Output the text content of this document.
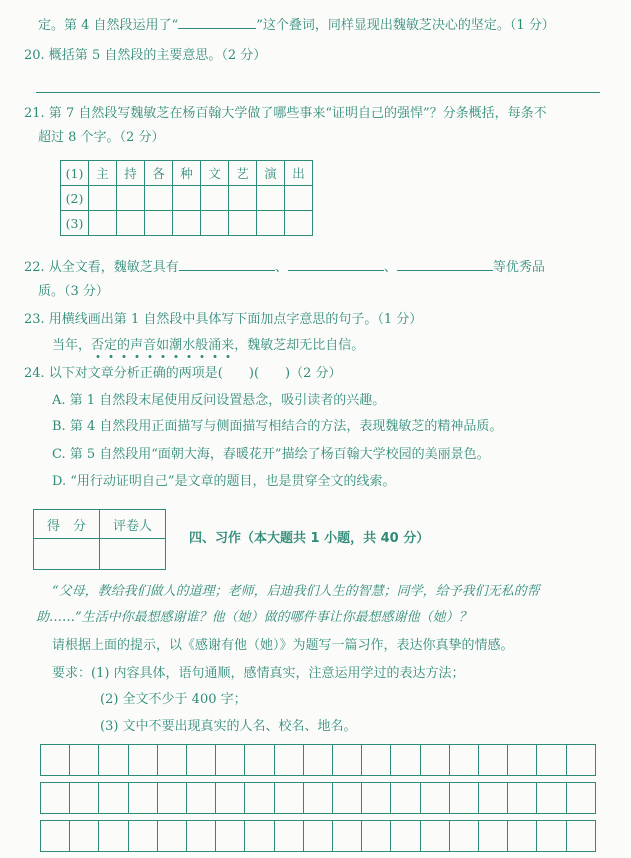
定。第 4 自然段运用了“	”这个叠词，同样显现出魏敏芝决心的坚定。（1 分）
20. 概括第 5 自然段的主要意思。（2 分）
21. 第 7 自然段写魏敏芝在杨百翰大学做了哪些事来“证明自己的强悍”？分条概括，每条不
超过 8 个字。（2 分）
(1)	主	持	各	种	文	艺	演	出
(2)								
(3)								
22. 从全文看，魏敏芝具有	、	、	等优秀品
质。（3 分）
23. 用横线画出第 1 自然段中具体写下面加点字意思的句子。（1 分）
当年，否定的声音如潮水般涌来，魏敏芝却无比自信。
24. 以下对文章分析正确的两项是(　　)(　　)（2 分）
A. 第 1 自然段末尾使用反问设置悬念，吸引读者的兴趣。
B. 第 4 自然段用正面描写与侧面描写相结合的方法，表现魏敏芝的精神品质。
C. 第 5 自然段用“面朝大海，春暖花开”描绘了杨百翰大学校园的美丽景色。
D. “用行动证明自己”是文章的题目，也是贯穿全文的线索。
得　分	评卷人

四、习作（本大题共 1 小题，共 40 分）
“父母，教给我们做人的道理；老师，启迪我们人生的智慧；同学，给予我们无私的帮
助……”生活中你最想感谢谁？他（她）做的哪件事让你最想感谢他（她）？
请根据上面的提示，以《感谢有他（她）》为题写一篇习作，表达你真挚的情感。
要求：(1) 内容具体，语句通顺，感情真实，注意运用学过的表达方法；
(2) 全文不少于 400 字；
(3) 文中不要出现真实的人名、校名、地名。
